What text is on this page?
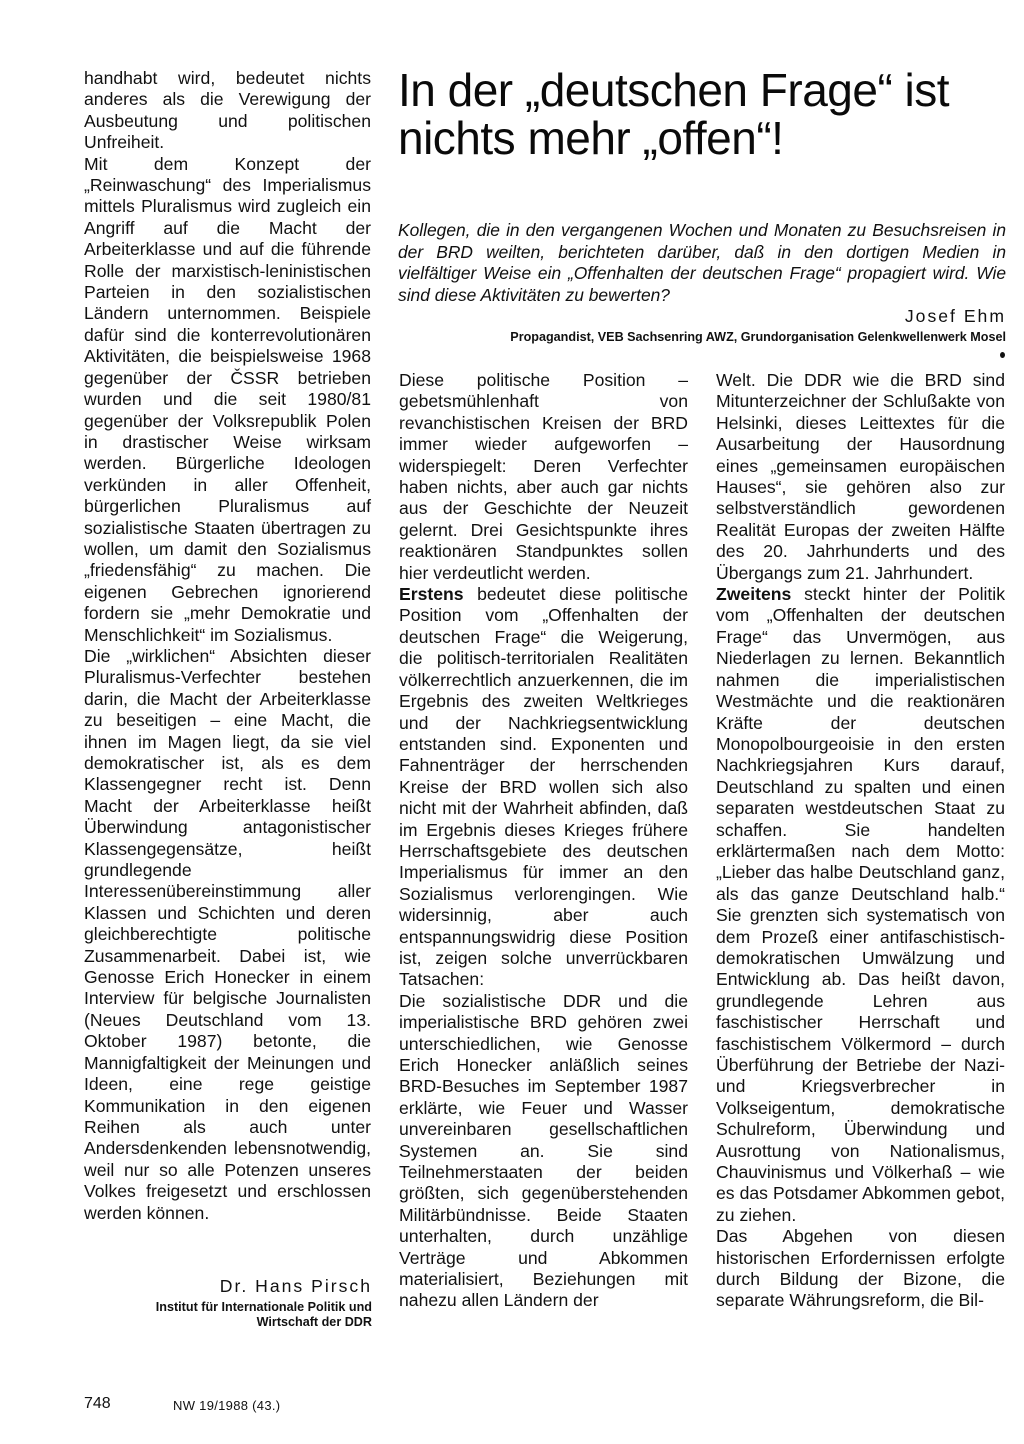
handhabt wird, bedeutet nichts anderes als die Verewigung der Ausbeutung und politischen Unfreiheit.

Mit dem Konzept der „Reinwaschung“ des Imperialismus mittels Pluralismus wird zugleich ein Angriff auf die Macht der Arbeiterklasse und auf die führende Rolle der marxistisch-leninistischen Parteien in den sozialistischen Ländern unternommen. Beispiele dafür sind die konterrevolutionären Aktivitäten, die beispielsweise 1968 gegenüber der ČSSR betrieben wurden und die seit 1980/81 gegenüber der Volksrepublik Polen in drastischer Weise wirksam werden. Bürgerliche Ideologen verkünden in aller Offenheit, bürgerlichen Pluralismus auf sozialistische Staaten übertragen zu wollen, um damit den Sozialismus „friedensfähig“ zu machen. Die eigenen Gebrechen ignorierend fordern sie „mehr Demokratie und Menschlichkeit“ im Sozialismus.

Die „wirklichen“ Absichten dieser Pluralismus-Verfechter bestehen darin, die Macht der Arbeiterklasse zu beseitigen – eine Macht, die ihnen im Magen liegt, da sie viel demokratischer ist, als es dem Klassengegner recht ist. Denn Macht der Arbeiterklasse heißt Überwindung antagonistischer Klassengegensätze, heißt grundlegende Interessenübereinstimmung aller Klassen und Schichten und deren gleichberechtigte politische Zusammenarbeit. Dabei ist, wie Genosse Erich Honecker in einem Interview für belgische Journalisten (Neues Deutschland vom 13. Oktober 1987) betonte, die Mannigfaltigkeit der Meinungen und Ideen, eine rege geistige Kommunikation in den eigenen Reihen als auch unter Andersdenkenden lebensnotwendig, weil nur so alle Potenzen unseres Volkes freigesetzt und erschlossen werden können.

Dr. Hans Pirsch

Institut für Internationale Politik und
Wirtschaft der DDR

In der „deutschen Frage“ ist nichts mehr „offen“!

Kollegen, die in den vergangenen Wochen und Monaten zu Besuchsreisen in der BRD weilten, berichteten darüber, daß in den dortigen Medien in vielfältiger Weise ein „Offenhalten der deutschen Frage“ propagiert wird. Wie sind diese Aktivitäten zu bewerten?

Josef Ehm

Propagandist, VEB Sachsenring AWZ, Grundorganisation Gelenkwellenwerk Mosel

Diese politische Position – gebetsmühlenhaft von revanchistischen Kreisen der BRD immer wieder aufgeworfen – widerspiegelt: Deren Verfechter haben nichts, aber auch gar nichts aus der Geschichte der Neuzeit gelernt. Drei Gesichtspunkte ihres reaktionären Standpunktes sollen hier verdeutlicht werden.

Erstens bedeutet diese politische Position vom „Offenhalten der deutschen Frage“ die Weigerung, die politisch-territorialen Realitäten völkerrechtlich anzuerkennen, die im Ergebnis des zweiten Weltkrieges und der Nachkriegsentwicklung entstanden sind. Exponenten und Fahnenträger der herrschenden Kreise der BRD wollen sich also nicht mit der Wahrheit abfinden, daß im Ergebnis dieses Krieges frühere Herrschaftsgebiete des deutschen Imperialismus für immer an den Sozialismus verlorengingen. Wie widersinnig, aber auch entspannungswidrig diese Position ist, zeigen solche unverrückbaren Tatsachen:

Die sozialistische DDR und die imperialistische BRD gehören zwei unterschiedlichen, wie Genosse Erich Honecker anläßlich seines BRD-Besuches im September 1987 erklärte, wie Feuer und Wasser unvereinbaren gesellschaftlichen Systemen an. Sie sind Teilnehmerstaaten der beiden größten, sich gegenüberstehenden Militärbündnisse. Beide Staaten unterhalten, durch unzählige Verträge und Abkommen materialisiert, Beziehungen mit nahezu allen Ländern der

Welt. Die DDR wie die BRD sind Mitunterzeichner der Schlußakte von Helsinki, dieses Leittextes für die Ausarbeitung der Hausordnung eines „gemeinsamen europäischen Hauses“, sie gehören also zur selbstverständlich gewordenen Realität Europas der zweiten Hälfte des 20. Jahrhunderts und des Übergangs zum 21. Jahrhundert.

Zweitens steckt hinter der Politik vom „Offenhalten der deutschen Frage“ das Unvermögen, aus Niederlagen zu lernen. Bekanntlich nahmen die imperialistischen Westmächte und die reaktionären Kräfte der deutschen Monopolbourgeoisie in den ersten Nachkriegsjahren Kurs darauf, Deutschland zu spalten und einen separaten westdeutschen Staat zu schaffen. Sie handelten erklärtermaßen nach dem Motto: „Lieber das halbe Deutschland ganz, als das ganze Deutschland halb.“ Sie grenzten sich systematisch von dem Prozeß einer antifaschistisch-demokratischen Umwälzung und Entwicklung ab. Das heißt davon, grundlegende Lehren aus faschistischer Herrschaft und faschistischem Völkermord – durch Überführung der Betriebe der Nazi- und Kriegsverbrecher in Volkseigentum, demokratische Schulreform, Überwindung und Ausrottung von Nationalismus, Chauvinismus und Völkerhaß – wie es das Potsdamer Abkommen gebot, zu ziehen.

Das Abgehen von diesen historischen Erfordernissen erfolgte durch Bildung der Bizone, die separate Währungsreform, die Bil-

748	NW 19/1988 (43.)
